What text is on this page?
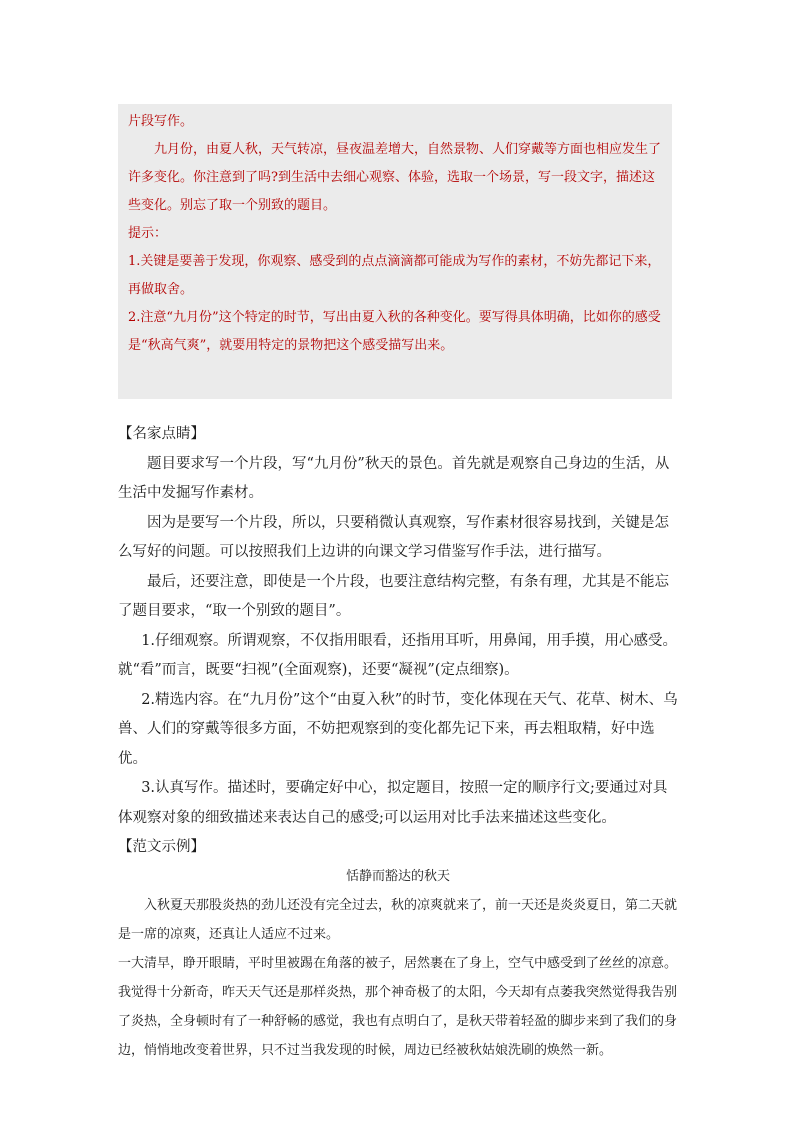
片段写作。

九月份，由夏人秋，天气转凉，昼夜温差增大，自然景物、人们穿戴等方面也相应发生了许多变化。你注意到了吗?到生活中去细心观察、体验，选取一个场景，写一段文字，描述这些变化。别忘了取一个别致的题目。

提示：

1.关键是要善于发现，你观察、感受到的点点滴滴都可能成为写作的素材，不妨先都记下来，再做取舍。

2.注意“九月份”这个特定的时节，写出由夏入秋的各种变化。要写得具体明确，比如你的感受是“秋高气爽”，就要用特定的景物把这个感受描写出来。

【名家点睛】

题目要求写一个片段，写“九月份”秋天的景色。首先就是观察自己身边的生活，从生活中发掘写作素材。

因为是要写一个片段，所以，只要稍微认真观察，写作素材很容易找到，关键是怎么写好的问题。可以按照我们上边讲的向课文学习借鉴写作手法，进行描写。

最后，还要注意，即使是一个片段，也要注意结构完整，有条有理，尤其是不能忘了题目要求，“取一个别致的题目”。

1.仔细观察。所谓观察，不仅指用眼看，还指用耳听，用鼻闻，用手摸，用心感受。就“看”而言，既要“扫视”(全面观察)，还要“凝视”(定点细察)。

2.精选内容。在“九月份”这个“由夏入秋”的时节，变化体现在天气、花草、树木、乌兽、人们的穿戴等很多方面，不妨把观察到的变化都先记下来，再去粗取精，好中选优。

3.认真写作。描述时，要确定好中心，拟定题目，按照一定的顺序行文;要通过对具体观察对象的细致描述来表达自己的感受;可以运用对比手法来描述这些变化。

【范文示例】

恬静而豁达的秋天

入秋夏天那股炎热的劲儿还没有完全过去，秋的凉爽就来了，前一天还是炎炎夏日，第二天就是一席的凉爽，还真让人适应不过来。

一大清早，睁开眼睛，平时里被踢在角落的被子，居然裹在了身上，空气中感受到了丝丝的凉意。我觉得十分新奇，昨天天气还是那样炎热，那个神奇极了的太阳，今天却有点萎我突然觉得我告别了炎热，全身顿时有了一种舒畅的感觉，我也有点明白了，是秋天带着轻盈的脚步来到了我们的身边，悄悄地改变着世界，只不过当我发现的时候，周边已经被秋姑娘洗刷的焕然一新。
